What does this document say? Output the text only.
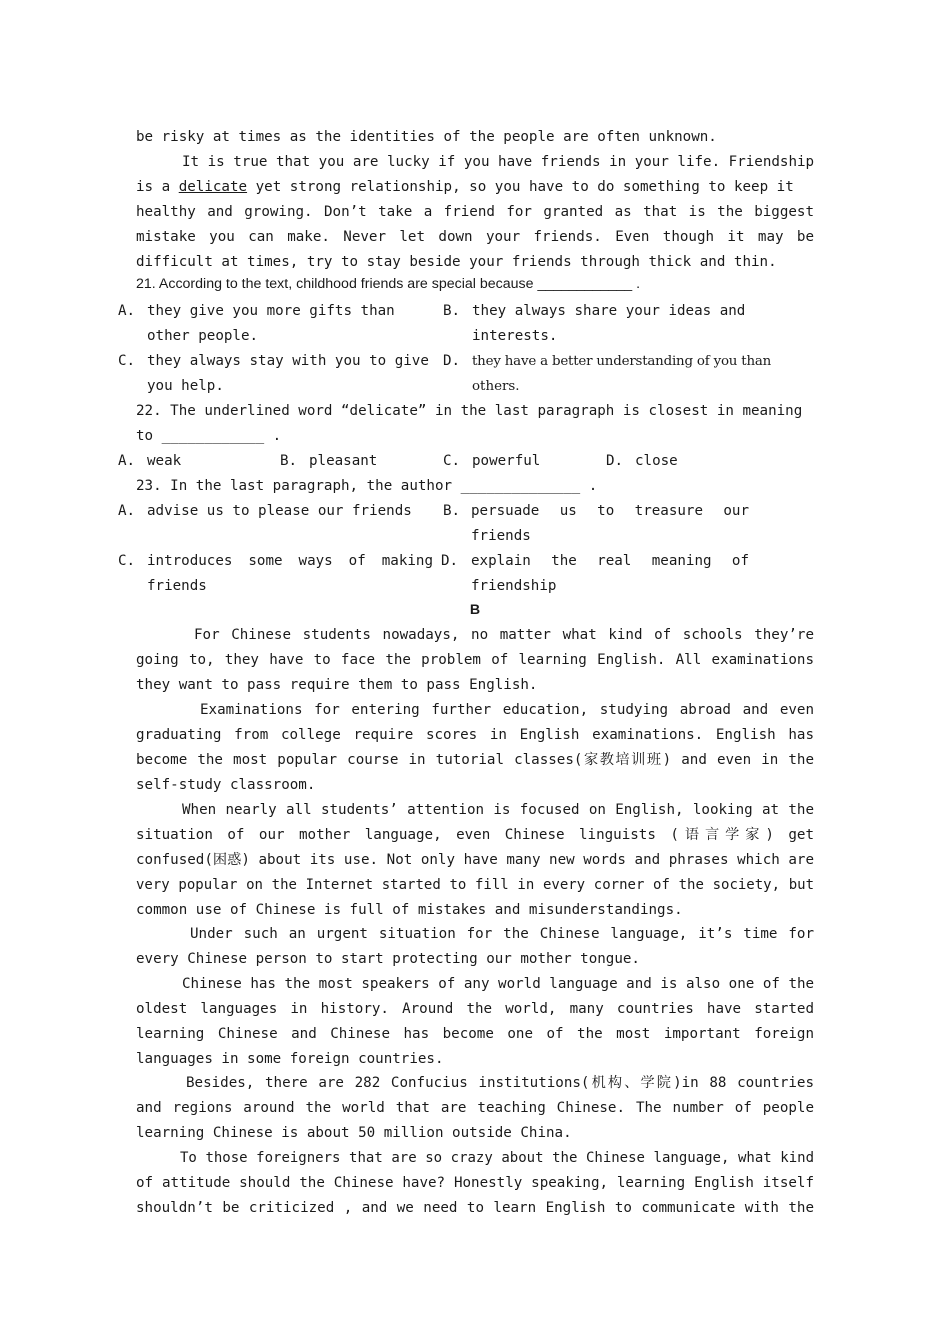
be risky at times as the identities of the people are often unknown.
It is true that you are lucky if you have friends in your life. Friendship
is a delicate yet strong relationship, so you have to do something to keep it
healthy and growing. Don’t take a friend for granted as that is the biggest
mistake you can make. Never let down your friends. Even though it may be
difficult at times, try to stay beside your friends through thick and thin.
21. According to the text, childhood friends are special because ____________ .
A. they give you more gifts than
other people.
B. they always share your ideas and
interests.
C. they always stay with you to give
you help.
D. they have a better understanding of you than
others.
22. The underlined word “delicate” in the last paragraph is closest in meaning
to ____________ .
A. weak	B. pleasant	C. powerful	D. close
23. In the last paragraph, the author ______________ .
A. advise us to please our friends B. persuade us to treasure our
friends
C. introduces some ways of making
friends
D. explain the real meaning of
friendship
B
For Chinese students nowadays, no matter what kind of schools they’re
going to, they have to face the problem of learning English. All examinations
they want to pass require them to pass English.
Examinations for entering further education, studying abroad and even
graduating from college require scores in English examinations. English has
become the most popular course in tutorial classes(家教培训班) and even in the
self-study classroom.
When nearly all students’ attention is focused on English, looking at the
situation of our mother language, even Chinese linguists (语言学家) get
confused(困惑) about its use. Not only have many new words and phrases which are
very popular on the Internet started to fill in every corner of the society, but
common use of Chinese is full of mistakes and misunderstandings.
Under such an urgent situation for the Chinese language, it’s time for
every Chinese person to start protecting our mother tongue.
Chinese has the most speakers of any world language and is also one of the
oldest languages in history. Around the world, many countries have started
learning Chinese and Chinese has become one of the most important foreign
languages in some foreign countries.
Besides, there are 282 Confucius institutions(机构、学院)in 88 countries
and regions around the world that are teaching Chinese. The number of people
learning Chinese is about 50 million outside China.
To those foreigners that are so crazy about the Chinese language, what kind
of attitude should the Chinese have? Honestly speaking, learning English itself
shouldn’t be criticized , and we need to learn English to communicate with the
